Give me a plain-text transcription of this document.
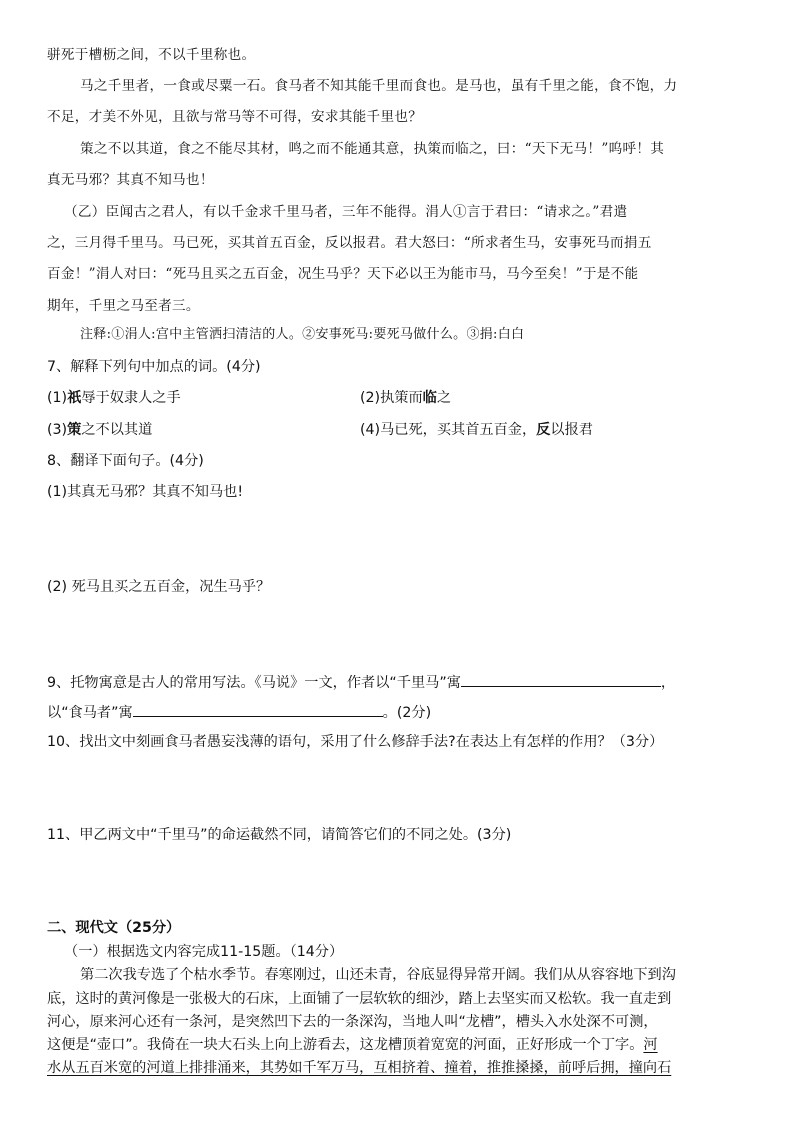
骈死于槽枥之间，不以千里称也。
马之千里者，一食或尽粟一石。食马者不知其能千里而食也。是马也，虽有千里之能，食不饱，力
不足，才美不外见，且欲与常马等不可得，安求其能千里也？
策之不以其道，食之不能尽其材，鸣之而不能通其意，执策而临之，曰：“天下无马！”呜呼！其
真无马邪？其真不知马也！
（乙）臣闻古之君人，有以千金求千里马者，三年不能得。涓人①言于君曰：“请求之。”君遣
之，三月得千里马。马已死，买其首五百金，反以报君。君大怒曰：“所求者生马，安事死马而捐五
百金！”涓人对曰：“死马且买之五百金，况生马乎？天下必以王为能市马，马今至矣！”于是不能
期年，千里之马至者三。
注释:①涓人:宫中主管洒扫清洁的人。②安事死马:要死马做什么。③捐:白白
7、解释下列句中加点的词。(4分)
(1)祇辱于奴隶人之手	(2)执策而临之
(3)策之不以其道	(4)马已死，买其首五百金，反以报君
8、翻译下面句子。(4分)
(1)其真无马邪？其真不知马也!
(2) 死马且买之五百金，况生马乎？
9、托物寓意是古人的常用写法。《马说》一文，作者以“千里马”寓	，
以“食马者”寓	。(2分)
10、找出文中刻画食马者愚妄浅薄的语句，采用了什么修辞手法?在表达上有怎样的作用？（3分）
11、甲乙两文中“千里马”的命运截然不同，请简答它们的不同之处。(3分)
二、现代文（25分）
（一）根据选文内容完成11-15题。（14分）
第二次我专选了个枯水季节。春寒刚过，山还未青，谷底显得异常开阔。我们从从容容地下到沟
底，这时的黄河像是一张极大的石床，上面铺了一层软软的细沙，踏上去坚实而又松软。我一直走到
河心，原来河心还有一条河，是突然凹下去的一条深沟，当地人叫“龙槽”，槽头入水处深不可测，
这便是“壶口”。我倚在一块大石头上向上游看去，这龙槽顶着宽宽的河面，正好形成一个丁字。河
水从五百米宽的河道上排排涌来，其势如千军万马，互相挤着、撞着，推推搡搡，前呼后拥，撞向石
